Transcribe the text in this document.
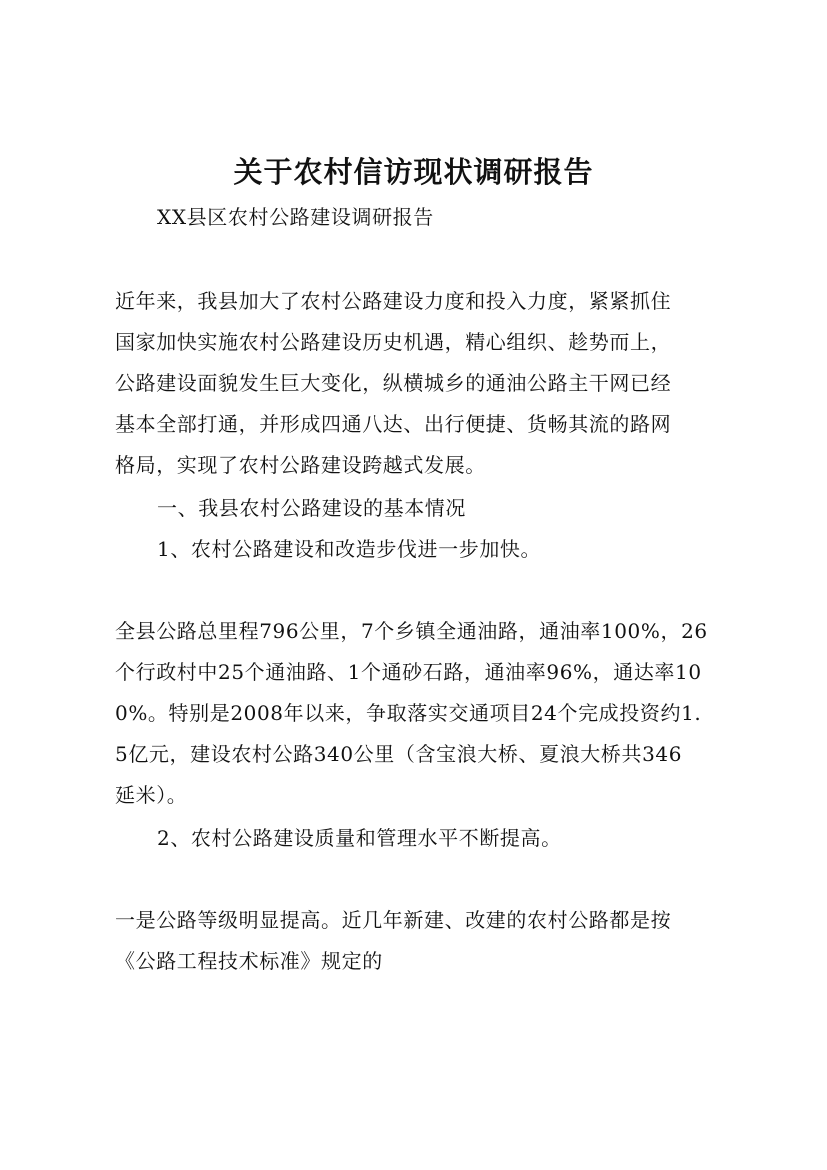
关于农村信访现状调研报告
XX县区农村公路建设调研报告
近年来，我县加大了农村公路建设力度和投入力度，紧紧抓住
国家加快实施农村公路建设历史机遇，精心组织、趁势而上，
公路建设面貌发生巨大变化，纵横城乡的通油公路主干网已经
基本全部打通，并形成四通八达、出行便捷、货畅其流的路网
格局，实现了农村公路建设跨越式发展。
一、我县农村公路建设的基本情况
1、农村公路建设和改造步伐进一步加快。
全县公路总里程796公里，7个乡镇全通油路，通油率100%，26
个行政村中25个通油路、1个通砂石路，通油率96%，通达率10
0%。特别是2008年以来，争取落实交通项目24个完成投资约1.
5亿元，建设农村公路340公里（含宝浪大桥、夏浪大桥共346
延米）。
2、农村公路建设质量和管理水平不断提高。
一是公路等级明显提高。近几年新建、改建的农村公路都是按
《公路工程技术标准》规定的
